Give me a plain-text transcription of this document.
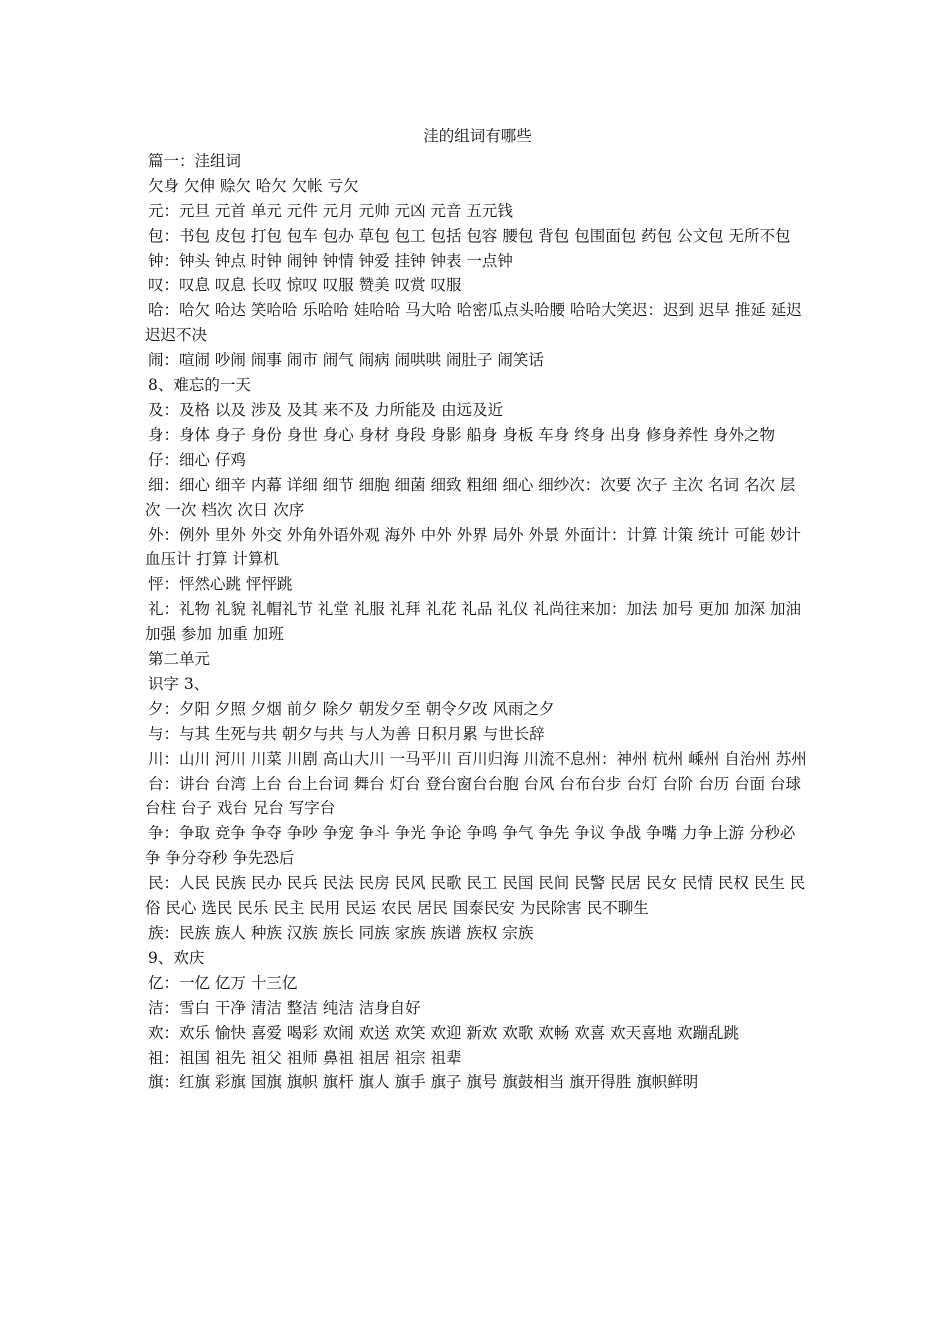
洼的组词有哪些

篇一：洼组词

欠身 欠伸 赊欠 哈欠 欠帐 亏欠

元：元旦 元首 单元 元件 元月 元帅 元凶 元音 五元钱

包：书包 皮包 打包 包车 包办 草包 包工 包括 包容 腰包 背包 包围面包 药包 公文包 无所不包

钟：钟头 钟点 时钟 闹钟 钟情 钟爱 挂钟 钟表 一点钟

叹：叹息 叹息 长叹 惊叹 叹服 赞美 叹赏 叹服

哈：哈欠 哈达 笑哈哈 乐哈哈 娃哈哈 马大哈 哈密瓜点头哈腰 哈哈大笑迟：迟到 迟早 推延 延迟 迟迟不决

闹：喧闹 吵闹 闹事 闹市 闹气 闹病 闹哄哄 闹肚子 闹笑话

8、难忘的一天

及：及格 以及 涉及 及其 来不及 力所能及 由远及近

身：身体 身子 身份 身世 身心 身材 身段 身影 船身 身板 车身 终身 出身 修身养性 身外之物

仔：细心 仔鸡

细：细心 细辛 内幕 详细 细节 细胞 细菌 细致 粗细 细心 细纱次：次要 次子 主次 名词 名次 层次 一次 档次 次日 次序

外：例外 里外 外交 外角外语外观 海外 中外 外界 局外 外景 外面计：计算 计策 统计 可能 妙计 血压计 打算 计算机

怦：怦然心跳 怦怦跳

礼：礼物 礼貌 礼帽礼节 礼堂 礼服 礼拜 礼花 礼品 礼仪 礼尚往来加：加法 加号 更加 加深 加油 加强 参加 加重 加班

第二单元

识字 3、

夕：夕阳 夕照 夕烟 前夕 除夕 朝发夕至 朝令夕改 风雨之夕

与：与其 生死与共 朝夕与共 与人为善 日积月累 与世长辞

川：山川 河川 川菜 川剧 高山大川 一马平川 百川归海 川流不息州：神州 杭州 嵊州 自治州 苏州

台：讲台 台湾 上台 台上台词 舞台 灯台 登台窗台台胞 台风 台布台步 台灯 台阶 台历 台面 台球 台柱 台子 戏台 兄台 写字台

争：争取 竞争 争夺 争吵 争宠 争斗 争光 争论 争鸣 争气 争先 争议 争战 争嘴 力争上游 分秒必争 争分夺秒 争先恐后

民：人民 民族 民办 民兵 民法 民房 民风 民歌 民工 民国 民间 民警 民居 民女 民情 民权 民生 民俗 民心 选民 民乐 民主 民用 民运 农民 居民 国泰民安 为民除害 民不聊生

族：民族 族人 种族 汉族 族长 同族 家族 族谱 族权 宗族

9、欢庆

亿：一亿 亿万 十三亿

洁：雪白 干净 清洁 整洁 纯洁 洁身自好

欢：欢乐 愉快 喜爱 喝彩 欢闹 欢送 欢笑 欢迎 新欢 欢歌 欢畅 欢喜 欢天喜地 欢蹦乱跳

祖：祖国 祖先 祖父 祖师 鼻祖 祖居 祖宗 祖辈

旗：红旗 彩旗 国旗 旗帜 旗杆 旗人 旗手 旗子 旗号 旗鼓相当 旗开得胜 旗帜鲜明
